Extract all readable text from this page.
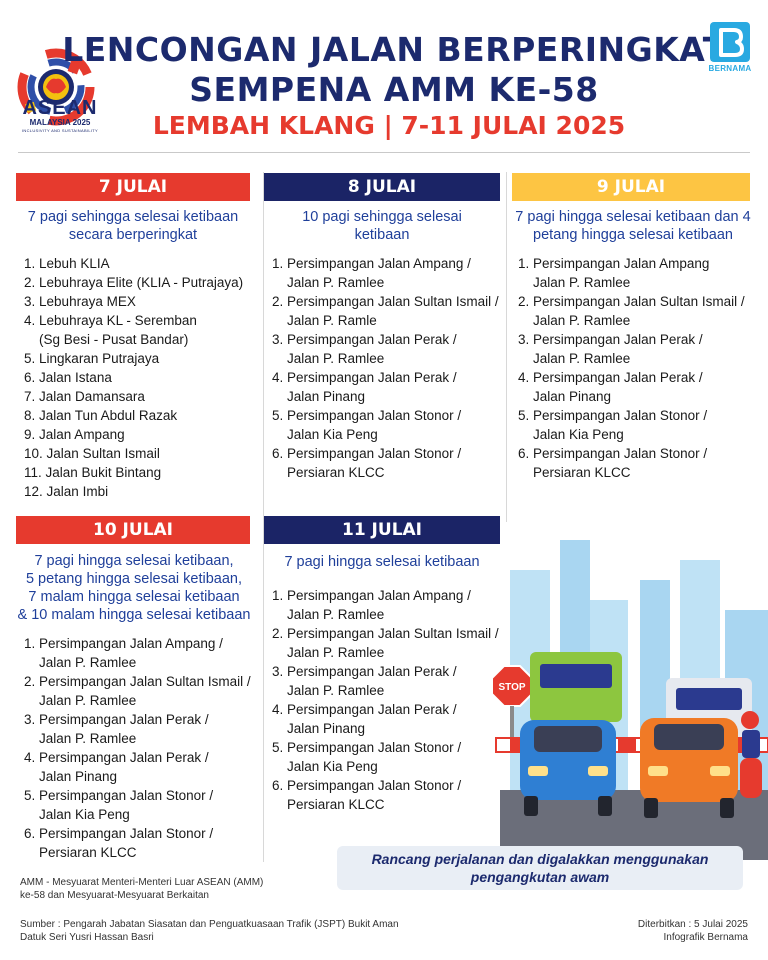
ASEAN
MALAYSIA 2025
INCLUSIVITY AND SUSTAINABILITY
LENCONGAN JALAN BERPERINGKAT
SEMPENA AMM KE-58
LEMBAH KLANG | 7-11 JULAI 2025
BERNAMA
7 JULAI
7 pagi sehingga selesai ketibaan secara berperingkat
1. Lebuh KLIA
2. Lebuhraya Elite (KLIA - Putrajaya)
3. Lebuhraya MEX
4. Lebuhraya KL - Seremban
(Sg Besi - Pusat Bandar)
5. Lingkaran Putrajaya
6. Jalan Istana
7. Jalan Damansara
8. Jalan Tun Abdul Razak
9. Jalan Ampang
10. Jalan Sultan Ismail
11. Jalan Bukit Bintang
12. Jalan Imbi
8 JULAI
10 pagi sehingga selesai ketibaan
1. Persimpangan Jalan Ampang /
Jalan P. Ramlee
2. Persimpangan Jalan Sultan Ismail /
Jalan P. Ramle
3. Persimpangan Jalan Perak /
Jalan P. Ramlee
4. Persimpangan Jalan Perak /
Jalan Pinang
5. Persimpangan Jalan Stonor /
Jalan Kia Peng
6. Persimpangan Jalan Stonor /
Persiaran KLCC
9 JULAI
7 pagi hingga selesai ketibaan dan 4 petang hingga selesai ketibaan
1. Persimpangan Jalan Ampang
Jalan P. Ramlee
2. Persimpangan Jalan Sultan Ismail /
Jalan P. Ramlee
3. Persimpangan Jalan Perak /
Jalan P. Ramlee
4. Persimpangan Jalan Perak /
Jalan Pinang
5. Persimpangan Jalan Stonor /
Jalan Kia Peng
6. Persimpangan Jalan Stonor /
Persiaran KLCC
10 JULAI
7 pagi hingga selesai ketibaan,
5 petang hingga selesai ketibaan,
7 malam hingga selesai ketibaan
& 10 malam hingga selesai ketibaan
1. Persimpangan Jalan Ampang /
Jalan P. Ramlee
2. Persimpangan Jalan Sultan Ismail /
Jalan P. Ramlee
3. Persimpangan Jalan Perak /
Jalan P. Ramlee
4. Persimpangan Jalan Perak /
Jalan Pinang
5. Persimpangan Jalan Stonor /
Jalan Kia Peng
6. Persimpangan Jalan Stonor /
Persiaran KLCC
11 JULAI
7 pagi hingga selesai ketibaan
1. Persimpangan Jalan Ampang /
Jalan P. Ramlee
2. Persimpangan Jalan Sultan Ismail /
Jalan P. Ramlee
3. Persimpangan Jalan Perak /
Jalan P. Ramlee
4. Persimpangan Jalan Perak /
Jalan Pinang
5. Persimpangan Jalan Stonor /
Jalan Kia Peng
6. Persimpangan Jalan Stonor /
Persiaran KLCC
STOP
Rancang perjalanan dan digalakkan menggunakan pengangkutan awam
AMM - Mesyuarat Menteri-Menteri Luar ASEAN (AMM)
ke-58 dan Mesyuarat-Mesyuarat Berkaitan
Sumber : Pengarah Jabatan Siasatan dan Penguatkuasaan Trafik (JSPT) Bukit Aman
Datuk Seri Yusri Hassan Basri
Diterbitkan : 5 Julai 2025
Infografik Bernama
